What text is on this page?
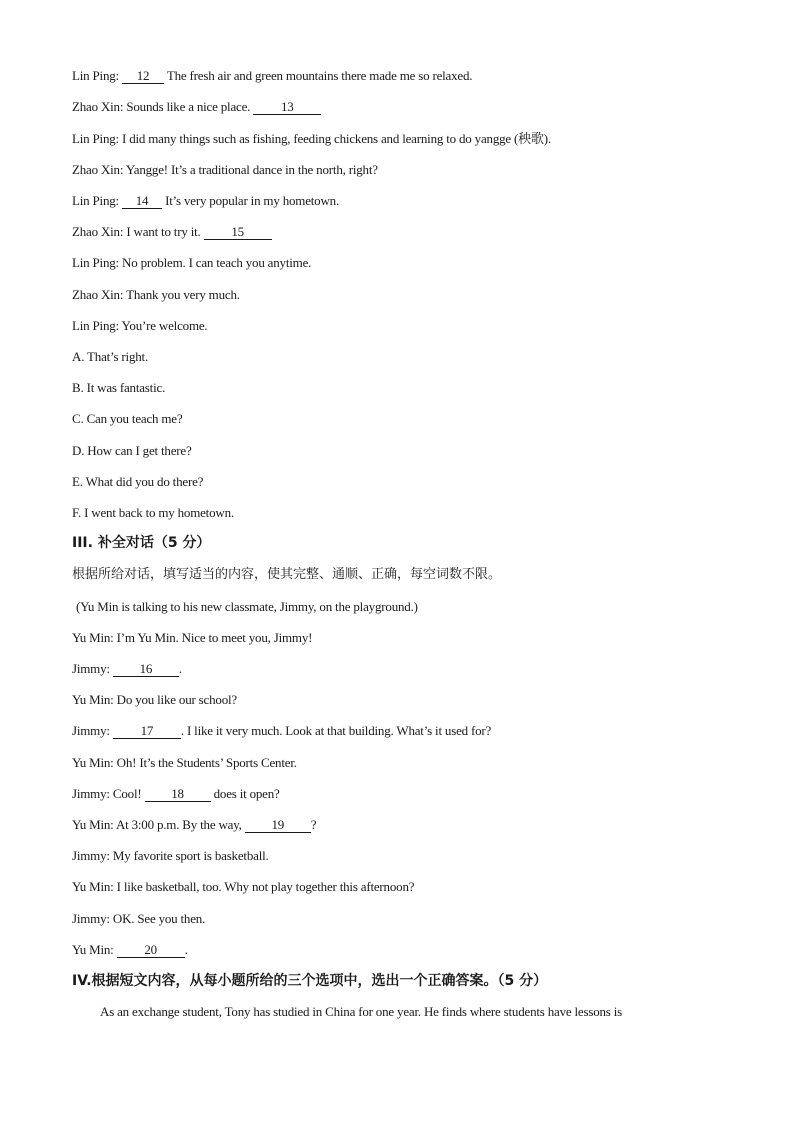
Lin Ping: 12 The fresh air and green mountains there made me so relaxed.
Zhao Xin: Sounds like a nice place. 13
Lin Ping: I did many things such as fishing, feeding chickens and learning to do yangge (秧歌).
Zhao Xin: Yangge! It’s a traditional dance in the north, right?
Lin Ping: 14 It’s very popular in my hometown.
Zhao Xin: I want to try it. 15
Lin Ping: No problem. I can teach you anytime.
Zhao Xin: Thank you very much.
Lin Ping: You’re welcome.
A. That’s right.
B. It was fantastic.
C. Can you teach me?
D. How can I get there?
E. What did you do there?
F. I went back to my hometown.
III. 补全对话（5 分）
根据所给对话，填写适当的内容，使其完整、通顺、正确，每空词数不限。
(Yu Min is talking to his new classmate, Jimmy, on the playground.)
Yu Min: I’m Yu Min. Nice to meet you, Jimmy!
Jimmy: 16 .
Yu Min: Do you like our school?
Jimmy: 17 . I like it very much. Look at that building. What’s it used for?
Yu Min: Oh! It’s the Students’ Sports Center.
Jimmy: Cool! 18 does it open?
Yu Min: At 3:00 p.m. By the way, 19 ?
Jimmy: My favorite sport is basketball.
Yu Min: I like basketball, too. Why not play together this afternoon?
Jimmy: OK. See you then.
Yu Min: 20 .
IV.根据短文内容，从每小题所给的三个选项中，选出一个正确答案。（5 分）
As an exchange student, Tony has studied in China for one year. He finds where students have lessons is
